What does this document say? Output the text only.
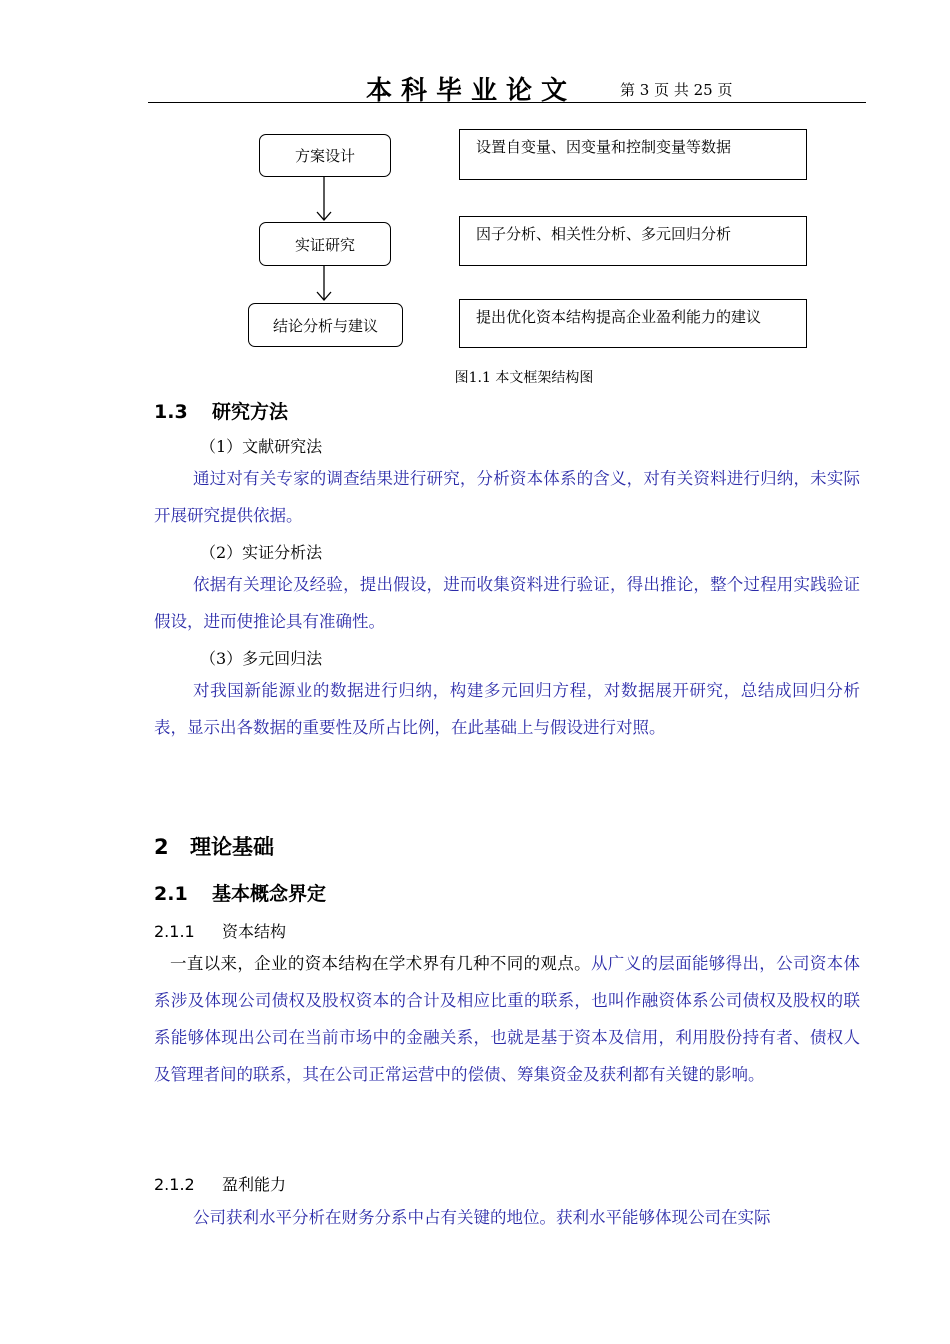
本科毕业论文	第 3 页 共 25 页
方案设计
实证研究
结论分析与建议
设置自变量、因变量和控制变量等数据
因子分析、相关性分析、多元回归分析
提出优化资本结构提高企业盈利能力的建议
图1.1 本文框架结构图
1.3 研究方法
（1）文献研究法
通过对有关专家的调查结果进行研究，分析资本体系的含义，对有关资料进行归纳，未实际开展研究提供依据。
（2）实证分析法
依据有关理论及经验，提出假设，进而收集资料进行验证，得出推论，整个过程用实践验证假设，进而使推论具有准确性。
（3）多元回归法
对我国新能源业的数据进行归纳，构建多元回归方程，对数据展开研究，总结成回归分析表，显示出各数据的重要性及所占比例，在此基础上与假设进行对照。
2 理论基础
2.1 基本概念界定
2.1.1 资本结构
一直以来，企业的资本结构在学术界有几种不同的观点。从广义的层面能够得出，公司资本体系涉及体现公司债权及股权资本的合计及相应比重的联系，也叫作融资体系公司债权及股权的联系能够体现出公司在当前市场中的金融关系，也就是基于资本及信用，利用股份持有者、债权人及管理者间的联系，其在公司正常运营中的偿债、筹集资金及获利都有关键的影响。
2.1.2 盈利能力
公司获利水平分析在财务分系中占有关键的地位。获利水平能够体现公司在实际
